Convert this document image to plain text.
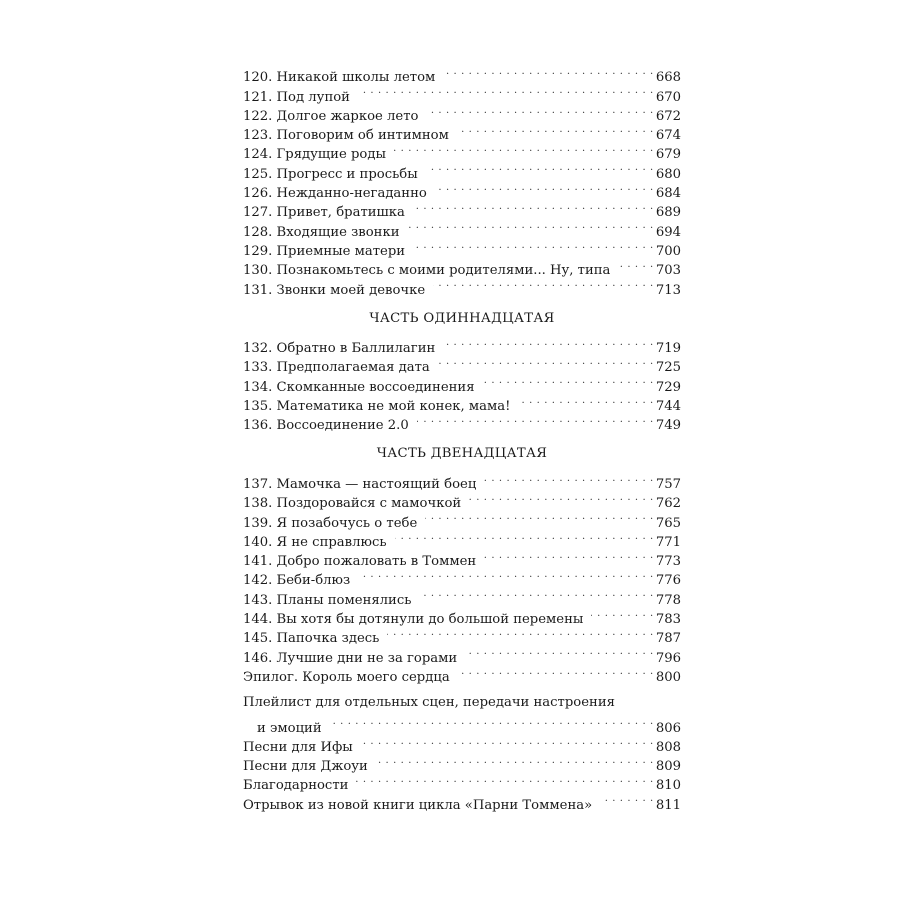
120. Никакой школы летом . . .	668
121. Под лупой . . .	670
122. Долгое жаркое лето . . .	672
123. Поговорим об интимном . . .	674
124. Грядущие роды . . .	679
125. Прогресс и просьбы . . .	680
126. Нежданно-негаданно . . .	684
127. Привет, братишка . . .	689
128. Входящие звонки . . .	694
129. Приемные матери . . .	700
130. Познакомьтесь с моими родителями... Ну, типа . . .	703
131. Звонки моей девочке . . .	713
ЧАСТЬ ОДИННАДЦАТАЯ
132. Обратно в Баллилагин . . .	719
133. Предполагаемая дата . . .	725
134. Скомканные воссоединения . . .	729
135. Математика не мой конек, мама! . . .	744
136. Воссоединение 2.0 . . .	749
ЧАСТЬ ДВЕНАДЦАТАЯ
137. Мамочка — настоящий боец . . .	757
138. Поздоровайся с мамочкой . . .	762
139. Я позабочусь о тебе . . .	765
140. Я не справлюсь . . .	771
141. Добро пожаловать в Томмен . . .	773
142. Беби-блюз . . .	776
143. Планы поменялись . . .	778
144. Вы хотя бы дотянули до большой перемены . . .	783
145. Папочка здесь . . .	787
146. Лучшие дни не за горами . . .	796
Эпилог. Король моего сердца . . .	800
Плейлист для отдельных сцен, передачи настроения
и эмоций . . .	806
Песни для Ифы . . .	808
Песни для Джоуи . . .	809
Благодарности . . .	810
Отрывок из новой книги цикла «Парни Томмена» . . .	811
